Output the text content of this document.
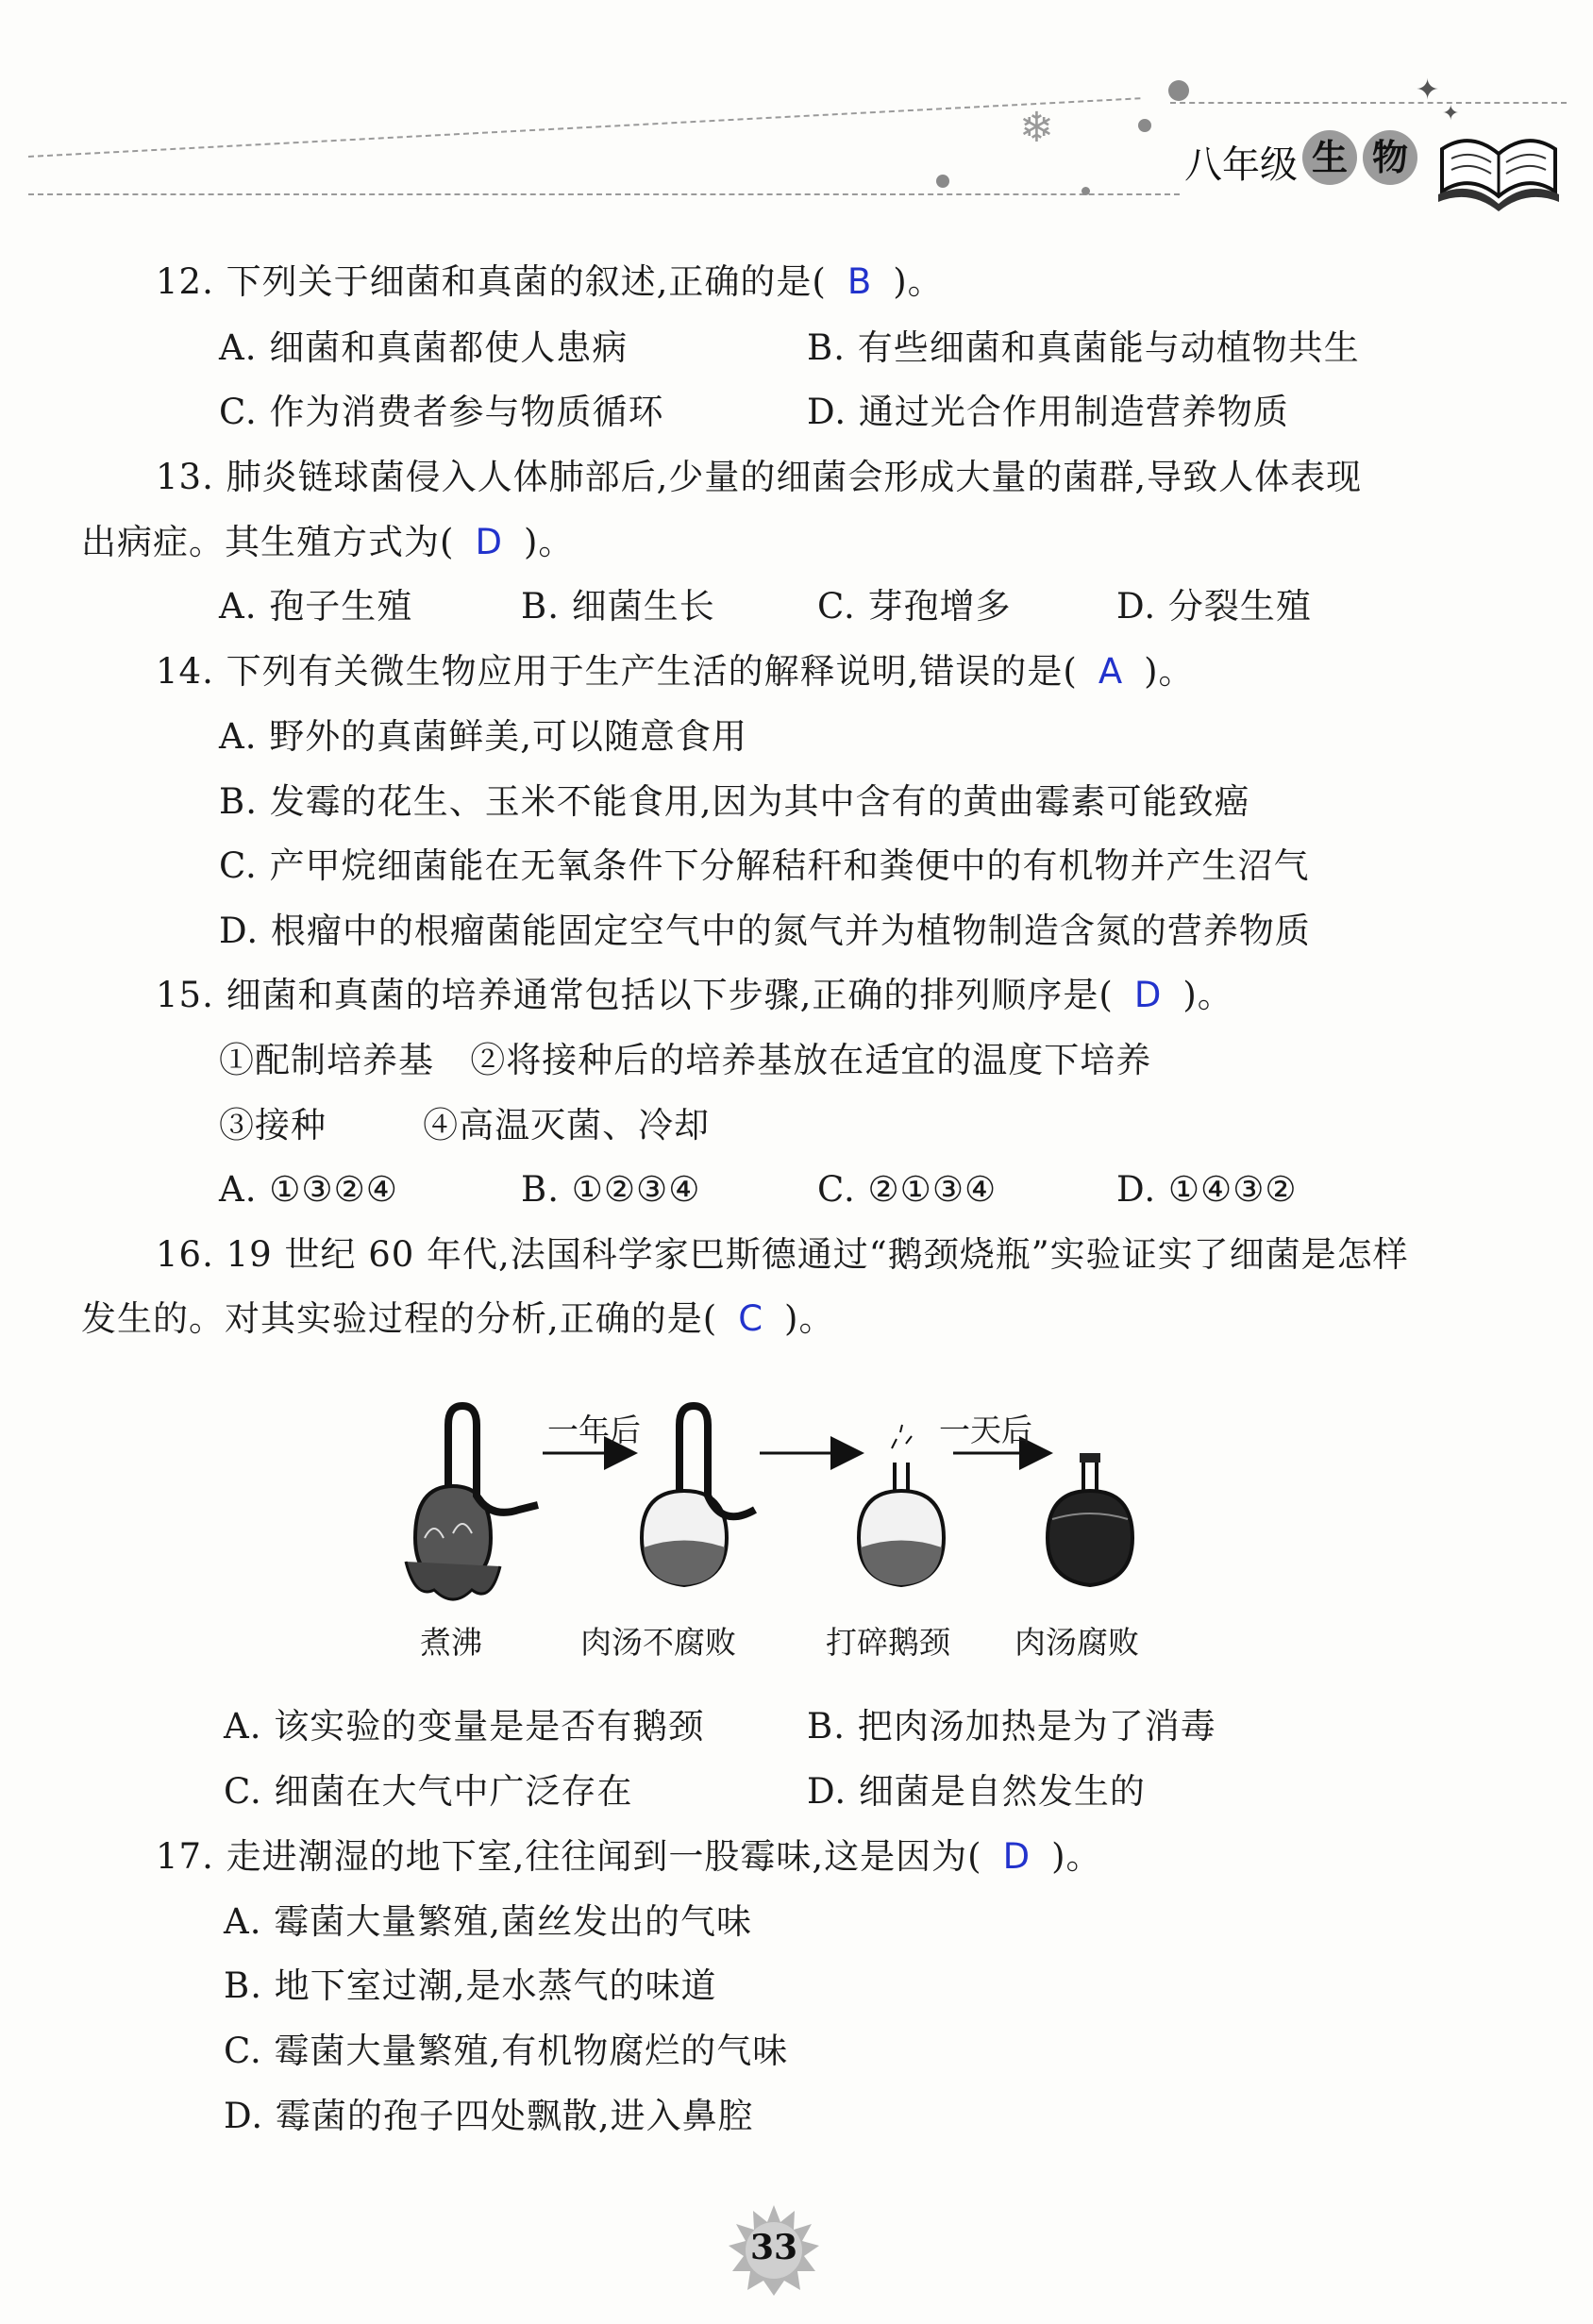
❄
✦
✦
八年级 生 物
12. 下列关于细菌和真菌的叙述,正确的是( B )。
A. 细菌和真菌都使人患病	B. 有些细菌和真菌能与动植物共生
C. 作为消费者参与物质循环	D. 通过光合作用制造营养物质
13. 肺炎链球菌侵入人体肺部后,少量的细菌会形成大量的菌群,导致人体表现
出病症。其生殖方式为( D )。
A. 孢子生殖	B. 细菌生长	C. 芽孢增多	D. 分裂生殖
14. 下列有关微生物应用于生产生活的解释说明,错误的是( A )。
A. 野外的真菌鲜美,可以随意食用
B. 发霉的花生、玉米不能食用,因为其中含有的黄曲霉素可能致癌
C. 产甲烷细菌能在无氧条件下分解秸秆和粪便中的有机物并产生沼气
D. 根瘤中的根瘤菌能固定空气中的氮气并为植物制造含氮的营养物质
15. 细菌和真菌的培养通常包括以下步骤,正确的排列顺序是( D )。
①配制培养基   ②将接种后的培养基放在适宜的温度下培养
③接种        ④高温灭菌、冷却
A. ①③②④	B. ①②③④	C. ②①③④	D. ①④③②
16. 19 世纪 60 年代,法国科学家巴斯德通过“鹅颈烧瓶”实验证实了细菌是怎样
发生的。对其实验过程的分析,正确的是( C )。
一年后	一天后
煮沸	肉汤不腐败	打碎鹅颈 肉汤腐败
A. 该实验的变量是是否有鹅颈	B. 把肉汤加热是为了消毒
C. 细菌在大气中广泛存在	D. 细菌是自然发生的
17. 走进潮湿的地下室,往往闻到一股霉味,这是因为( D )。
A. 霉菌大量繁殖,菌丝发出的气味
B. 地下室过潮,是水蒸气的味道
C. 霉菌大量繁殖,有机物腐烂的气味
D. 霉菌的孢子四处飘散,进入鼻腔
33
